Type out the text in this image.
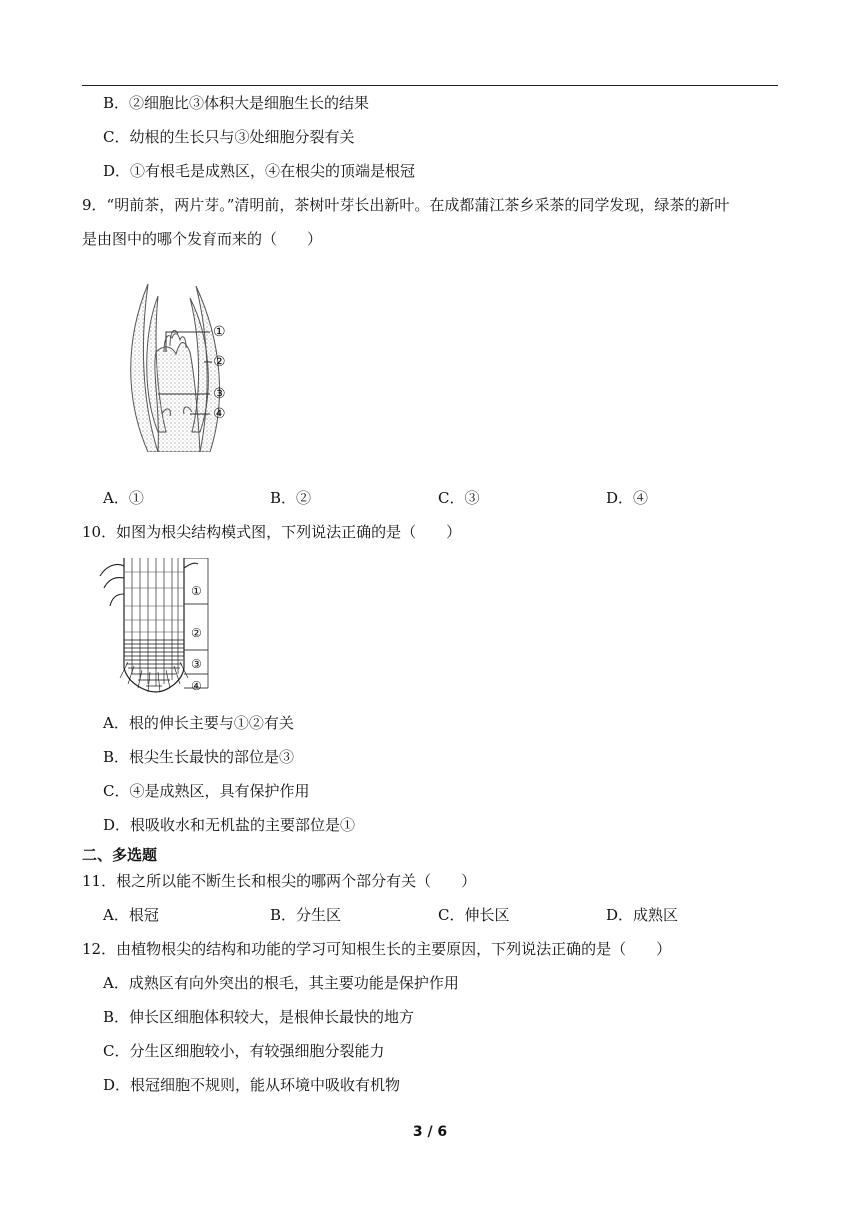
B．②细胞比③体积大是细胞生长的结果
C．幼根的生长只与③处细胞分裂有关
D．①有根毛是成熟区，④在根尖的顶端是根冠
9．“明前茶，两片芽。”清明前，茶树叶芽长出新叶。在成都蒲江茶乡采茶的同学发现，绿茶的新叶
是由图中的哪个发育而来的（　　）
①
②
③
④
A．①	B．②	C．③	D．④
10．如图为根尖结构模式图，下列说法正确的是（　　）
①
②
③
④
A．根的伸长主要与①②有关
B．根尖生长最快的部位是③
C．④是成熟区，具有保护作用
D．根吸收水和无机盐的主要部位是①
二、多选题
11．根之所以能不断生长和根尖的哪两个部分有关（　　）
A．根冠	B．分生区	C．伸长区	D．成熟区
12．由植物根尖的结构和功能的学习可知根生长的主要原因，下列说法正确的是（　　）
A．成熟区有向外突出的根毛，其主要功能是保护作用
B．伸长区细胞体积较大，是根伸长最快的地方
C．分生区细胞较小，有较强细胞分裂能力
D．根冠细胞不规则，能从环境中吸收有机物
3 / 6
